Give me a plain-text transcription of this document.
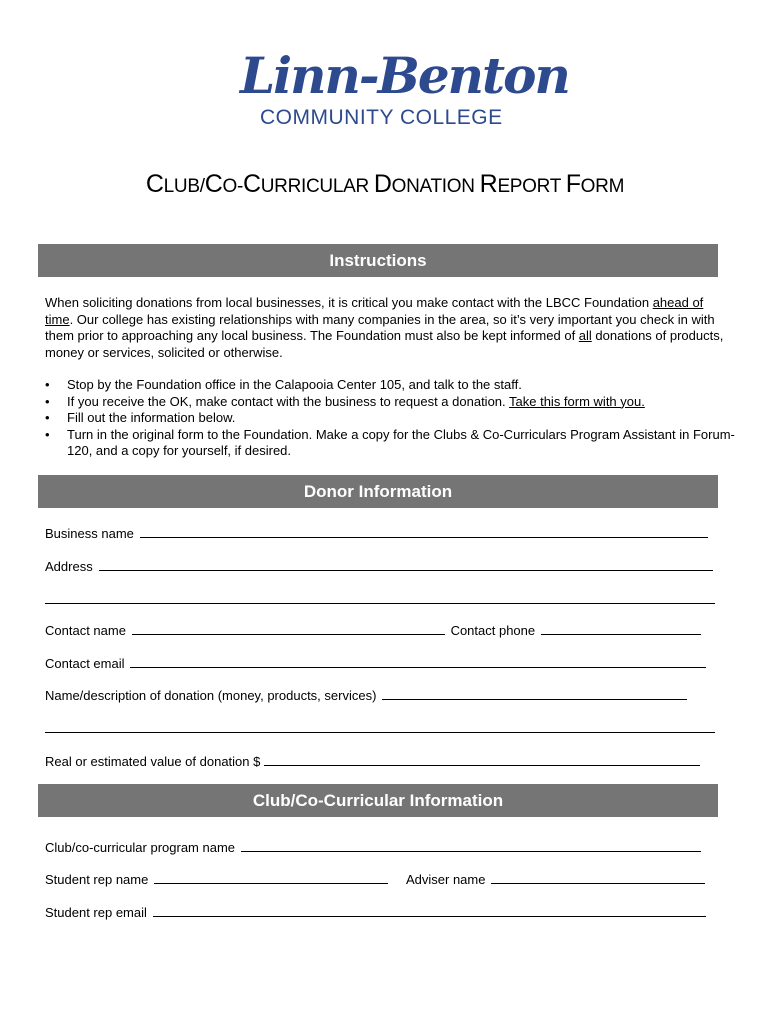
Linn-Benton
COMMUNITY COLLEGE
CLUB/CO-CURRICULAR DONATION REPORT FORM
Instructions
When soliciting donations from local businesses, it is critical you make contact with the LBCC Foundation ahead of time. Our college has existing relationships with many companies in the area, so it’s very important you check in with them prior to approaching any local business. The Foundation must also be kept informed of all donations of products, money or services, solicited or otherwise.
• Stop by the Foundation office in the Calapooia Center 105, and talk to the staff.
• If you receive the OK, make contact with the business to request a donation. Take this form with you.
• Fill out the information below.
• Turn in the original form to the Foundation. Make a copy for the Clubs & Co-Curriculars Program Assistant in Forum-120, and a copy for yourself, if desired.
Donor Information
Business name
Address
Contact name	Contact phone
Contact email
Name/description of donation (money, products, services)
Real or estimated value of donation $
Club/Co-Curricular Information
Club/co-curricular program name
Student rep name	Adviser name
Student rep email
